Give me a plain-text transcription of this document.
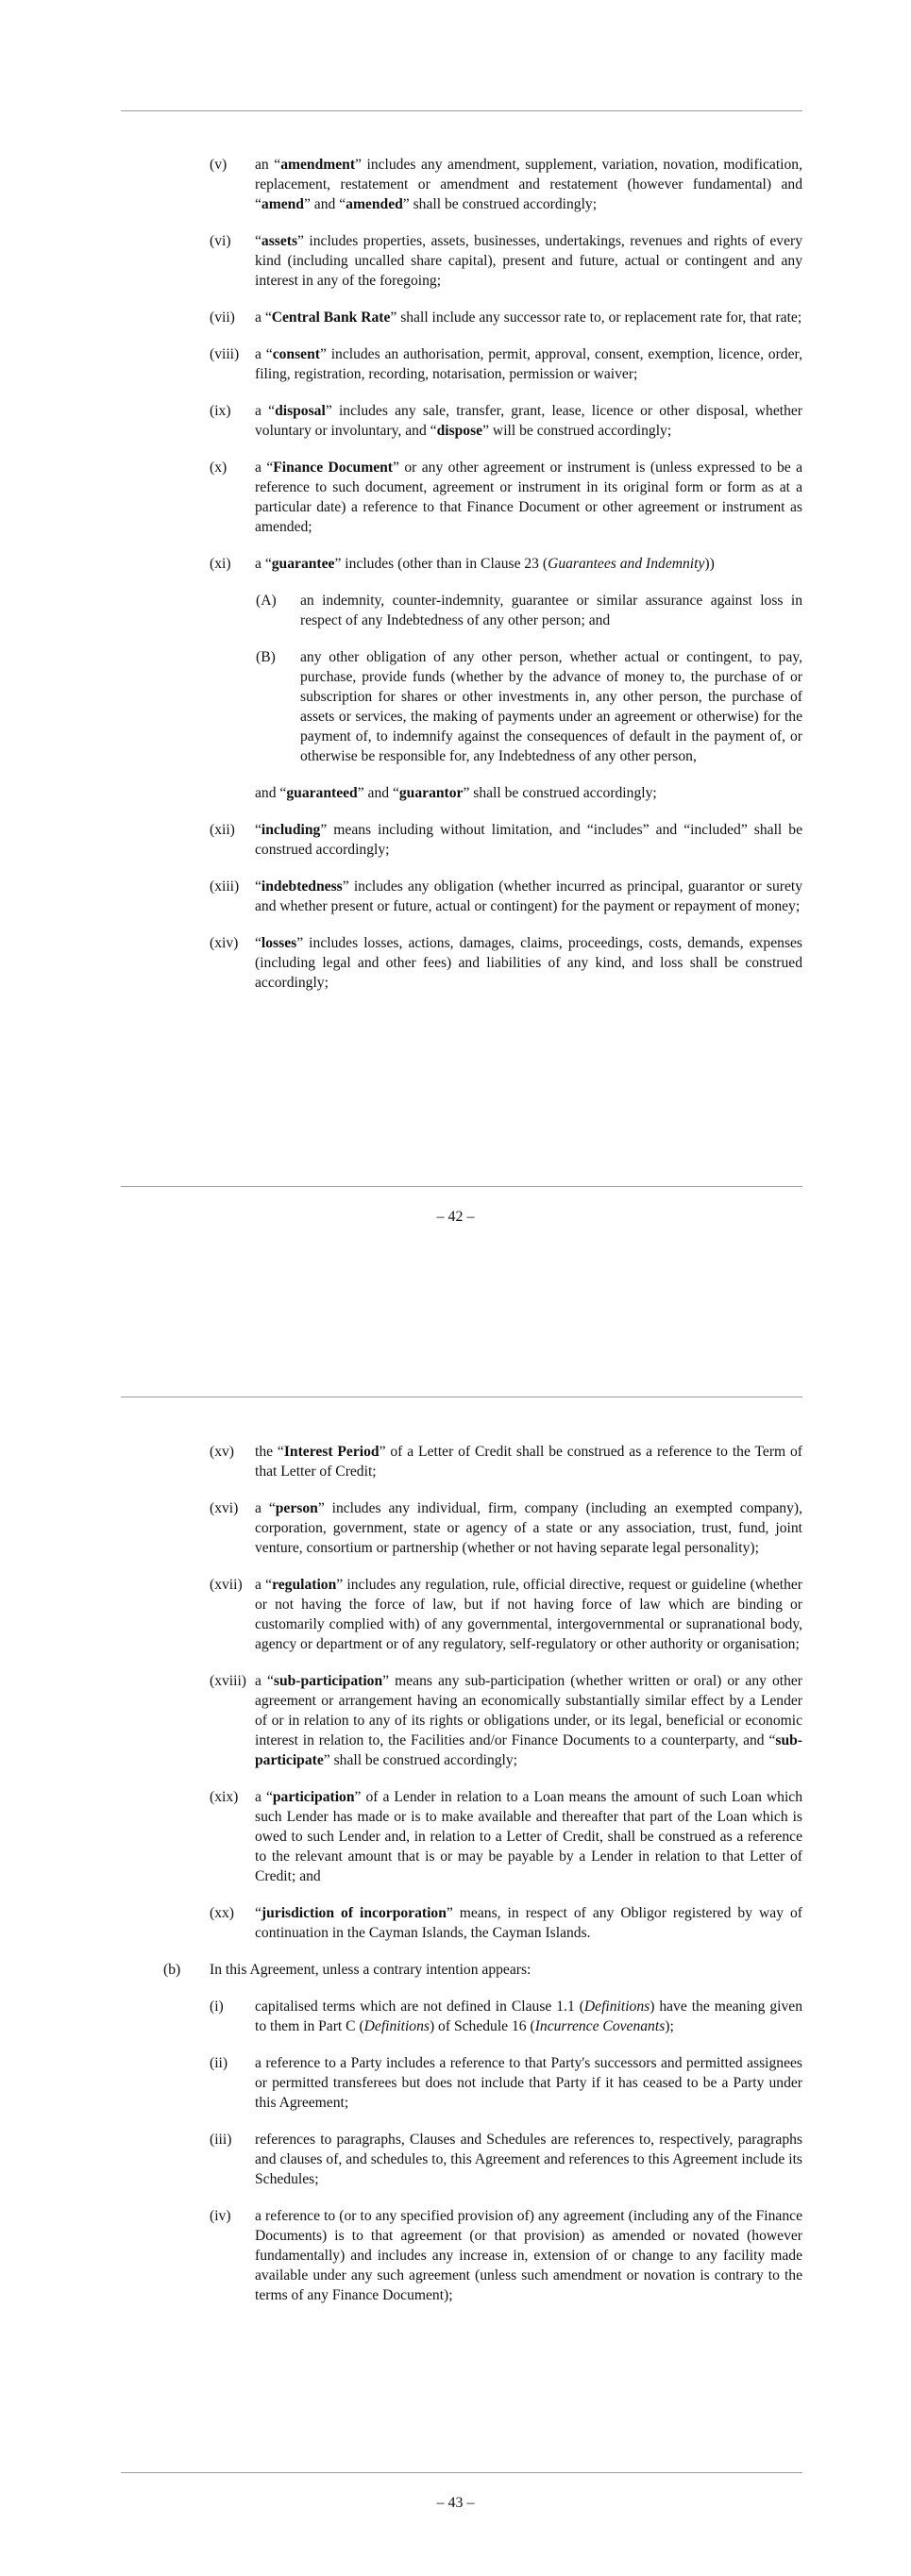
(v) an “amendment” includes any amendment, supplement, variation, novation, modification, replacement, restatement or amendment and restatement (however fundamental) and “amend” and “amended” shall be construed accordingly;
(vi) “assets” includes properties, assets, businesses, undertakings, revenues and rights of every kind (including uncalled share capital), present and future, actual or contingent and any interest in any of the foregoing;
(vii) a “Central Bank Rate” shall include any successor rate to, or replacement rate for, that rate;
(viii) a “consent” includes an authorisation, permit, approval, consent, exemption, licence, order, filing, registration, recording, notarisation, permission or waiver;
(ix) a “disposal” includes any sale, transfer, grant, lease, licence or other disposal, whether voluntary or involuntary, and “dispose” will be construed accordingly;
(x) a “Finance Document” or any other agreement or instrument is (unless expressed to be a reference to such document, agreement or instrument in its original form or form as at a particular date) a reference to that Finance Document or other agreement or instrument as amended;
(xi) a “guarantee” includes (other than in Clause 23 (Guarantees and Indemnity))
(A) an indemnity, counter-indemnity, guarantee or similar assurance against loss in respect of any Indebtedness of any other person; and
(B) any other obligation of any other person, whether actual or contingent, to pay, purchase, provide funds (whether by the advance of money to, the purchase of or subscription for shares or other investments in, any other person, the purchase of assets or services, the making of payments under an agreement or otherwise) for the payment of, to indemnify against the consequences of default in the payment of, or otherwise be responsible for, any Indebtedness of any other person,
and “guaranteed” and “guarantor” shall be construed accordingly;
(xii) “including” means including without limitation, and “includes” and “included” shall be construed accordingly;
(xiii) “indebtedness” includes any obligation (whether incurred as principal, guarantor or surety and whether present or future, actual or contingent) for the payment or repayment of money;
(xiv) “losses” includes losses, actions, damages, claims, proceedings, costs, demands, expenses (including legal and other fees) and liabilities of any kind, and loss shall be construed accordingly;
– 42 –
(xv) the “Interest Period” of a Letter of Credit shall be construed as a reference to the Term of that Letter of Credit;
(xvi) a “person” includes any individual, firm, company (including an exempted company), corporation, government, state or agency of a state or any association, trust, fund, joint venture, consortium or partnership (whether or not having separate legal personality);
(xvii) a “regulation” includes any regulation, rule, official directive, request or guideline (whether or not having the force of law, but if not having force of law which are binding or customarily complied with) of any governmental, intergovernmental or supranational body, agency or department or of any regulatory, self-regulatory or other authority or organisation;
(xviii) a “sub-participation” means any sub-participation (whether written or oral) or any other agreement or arrangement having an economically substantially similar effect by a Lender of or in relation to any of its rights or obligations under, or its legal, beneficial or economic interest in relation to, the Facilities and/or Finance Documents to a counterparty, and “sub-participate” shall be construed accordingly;
(xix) a “participation” of a Lender in relation to a Loan means the amount of such Loan which such Lender has made or is to make available and thereafter that part of the Loan which is owed to such Lender and, in relation to a Letter of Credit, shall be construed as a reference to the relevant amount that is or may be payable by a Lender in relation to that Letter of Credit; and
(xx) “jurisdiction of incorporation” means, in respect of any Obligor registered by way of continuation in the Cayman Islands, the Cayman Islands.
(b) In this Agreement, unless a contrary intention appears:
(i) capitalised terms which are not defined in Clause 1.1 (Definitions) have the meaning given to them in Part C (Definitions) of Schedule 16 (Incurrence Covenants);
(ii) a reference to a Party includes a reference to that Party's successors and permitted assignees or permitted transferees but does not include that Party if it has ceased to be a Party under this Agreement;
(iii) references to paragraphs, Clauses and Schedules are references to, respectively, paragraphs and clauses of, and schedules to, this Agreement and references to this Agreement include its Schedules;
(iv) a reference to (or to any specified provision of) any agreement (including any of the Finance Documents) is to that agreement (or that provision) as amended or novated (however fundamentally) and includes any increase in, extension of or change to any facility made available under any such agreement (unless such amendment or novation is contrary to the terms of any Finance Document);
– 43 –
